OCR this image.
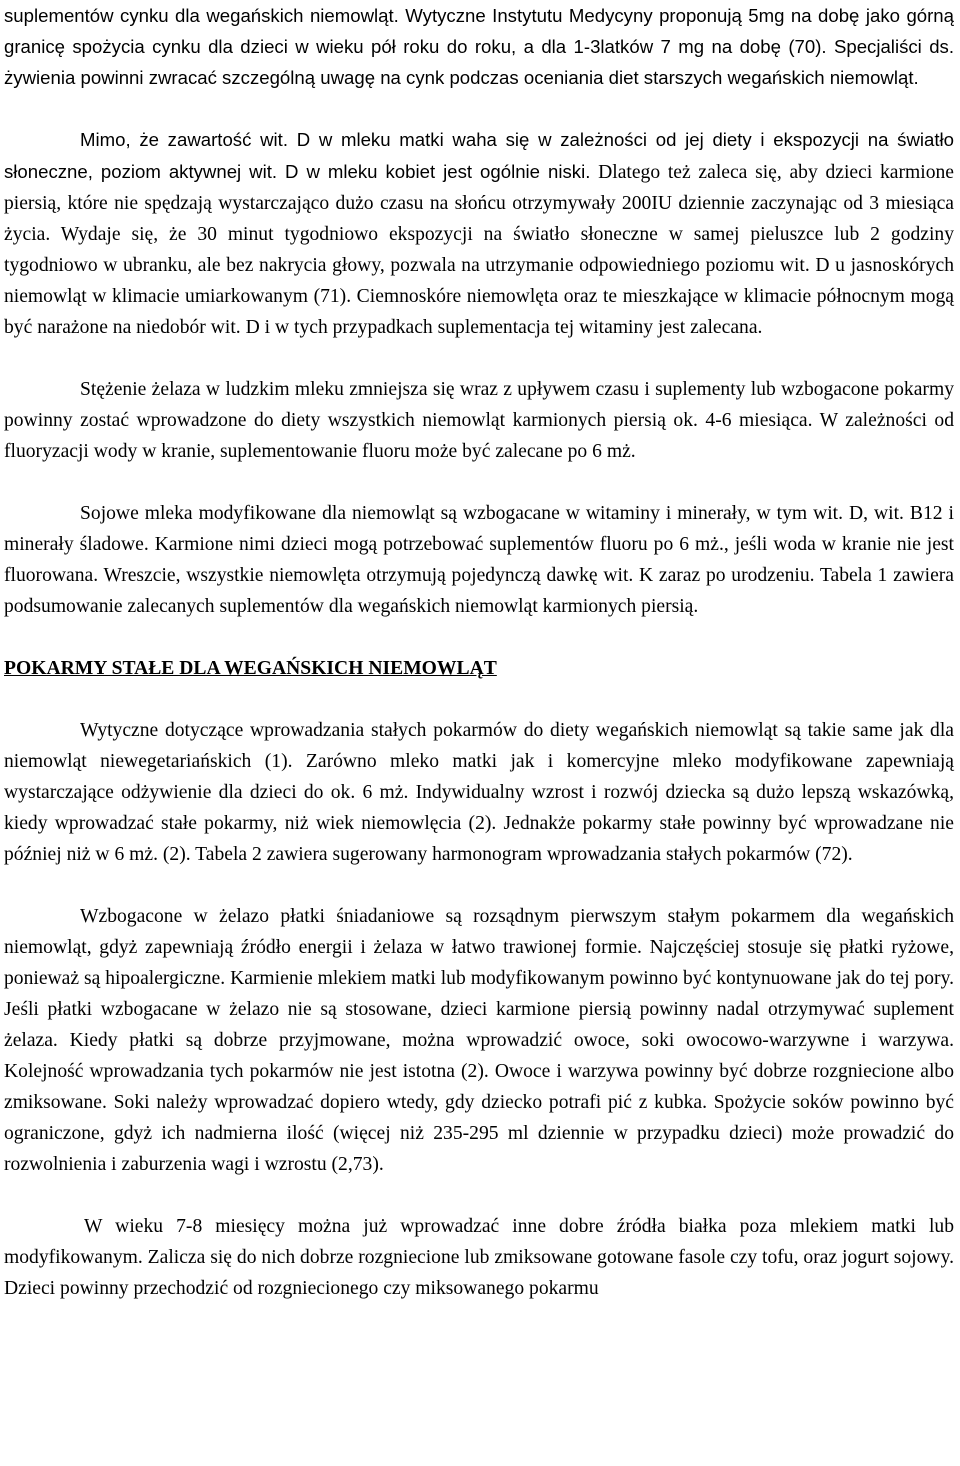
suplementów cynku dla wegańskich niemowląt. Wytyczne Instytutu Medycyny proponują 5mg na dobę jako górną granicę spożycia cynku dla dzieci w wieku pół roku do roku, a dla 1-3latków 7 mg na dobę (70). Specjaliści ds. żywienia powinni zwracać szczególną uwagę na cynk podczas oceniania diet starszych wegańskich niemowląt.

Mimo, że zawartość wit. D w mleku matki waha się w zależności od jej diety i ekspozycji na światło słoneczne, poziom aktywnej wit. D w mleku kobiet jest ogólnie niski. Dlatego też zaleca się, aby dzieci karmione piersią, które nie spędzają wystarczająco dużo czasu na słońcu otrzymywały 200IU dziennie zaczynając od 3 miesiąca życia. Wydaje się, że 30 minut tygodniowo ekspozycji na światło słoneczne w samej pieluszce lub 2 godziny tygodniowo w ubranku, ale bez nakrycia głowy, pozwala na utrzymanie odpowiedniego poziomu wit. D u jasnoskórych niemowląt w klimacie umiarkowanym (71). Ciemnoskóre niemowlęta oraz te mieszkające w klimacie północnym mogą być narażone na niedobór wit. D i w tych przypadkach suplementacja tej witaminy jest zalecana.

Stężenie żelaza w ludzkim mleku zmniejsza się wraz z upływem czasu i suplementy lub wzbogacone pokarmy powinny zostać wprowadzone do diety wszystkich niemowląt karmionych piersią ok. 4-6 miesiąca. W zależności od fluoryzacji wody w kranie, suplementowanie fluoru może być zalecane po 6 mż.

Sojowe mleka modyfikowane dla niemowląt są wzbogacane w witaminy i minerały, w tym wit. D, wit. B12 i minerały śladowe. Karmione nimi dzieci mogą potrzebować suplementów fluoru po 6 mż., jeśli woda w kranie nie jest fluorowana. Wreszcie, wszystkie niemowlęta otrzymują pojedynczą dawkę wit. K zaraz po urodzeniu. Tabela 1 zawiera podsumowanie zalecanych suplementów dla wegańskich niemowląt karmionych piersią.

POKARMY STAŁE DLA WEGAŃSKICH NIEMOWLĄT

Wytyczne dotyczące wprowadzania stałych pokarmów do diety wegańskich niemowląt są takie same jak dla niemowląt niewegetariańskich (1). Zarówno mleko matki jak i komercyjne mleko modyfikowane zapewniają wystarczające odżywienie dla dzieci do ok. 6 mż. Indywidualny wzrost i rozwój dziecka są dużo lepszą wskazówką, kiedy wprowadzać stałe pokarmy, niż wiek niemowlęcia (2). Jednakże pokarmy stałe powinny być wprowadzane nie później niż w 6 mż. (2). Tabela 2 zawiera sugerowany harmonogram wprowadzania stałych pokarmów (72).

Wzbogacone w żelazo płatki śniadaniowe są rozsądnym pierwszym stałym pokarmem dla wegańskich niemowląt, gdyż zapewniają źródło energii i żelaza w łatwo trawionej formie. Najczęściej stosuje się płatki ryżowe, ponieważ są hipoalergiczne. Karmienie mlekiem matki lub modyfikowanym powinno być kontynuowane jak do tej pory. Jeśli płatki wzbogacane w żelazo nie są stosowane, dzieci karmione piersią powinny nadal otrzymywać suplement żelaza. Kiedy płatki są dobrze przyjmowane, można wprowadzić owoce, soki owocowo-warzywne i warzywa. Kolejność wprowadzania tych pokarmów nie jest istotna (2). Owoce i warzywa powinny być dobrze rozgniecione albo zmiksowane. Soki należy wprowadzać dopiero wtedy, gdy dziecko potrafi pić z kubka. Spożycie soków powinno być ograniczone, gdyż ich nadmierna ilość (więcej niż 235-295 ml dziennie w przypadku dzieci) może prowadzić do rozwolnienia i zaburzenia wagi i wzrostu (2,73).

W wieku 7-8 miesięcy można już wprowadzać inne dobre źródła białka poza mlekiem matki lub modyfikowanym. Zalicza się do nich dobrze rozgniecione lub zmiksowane gotowane fasole czy tofu, oraz jogurt sojowy. Dzieci powinny przechodzić od rozgniecionego czy miksowanego pokarmu
